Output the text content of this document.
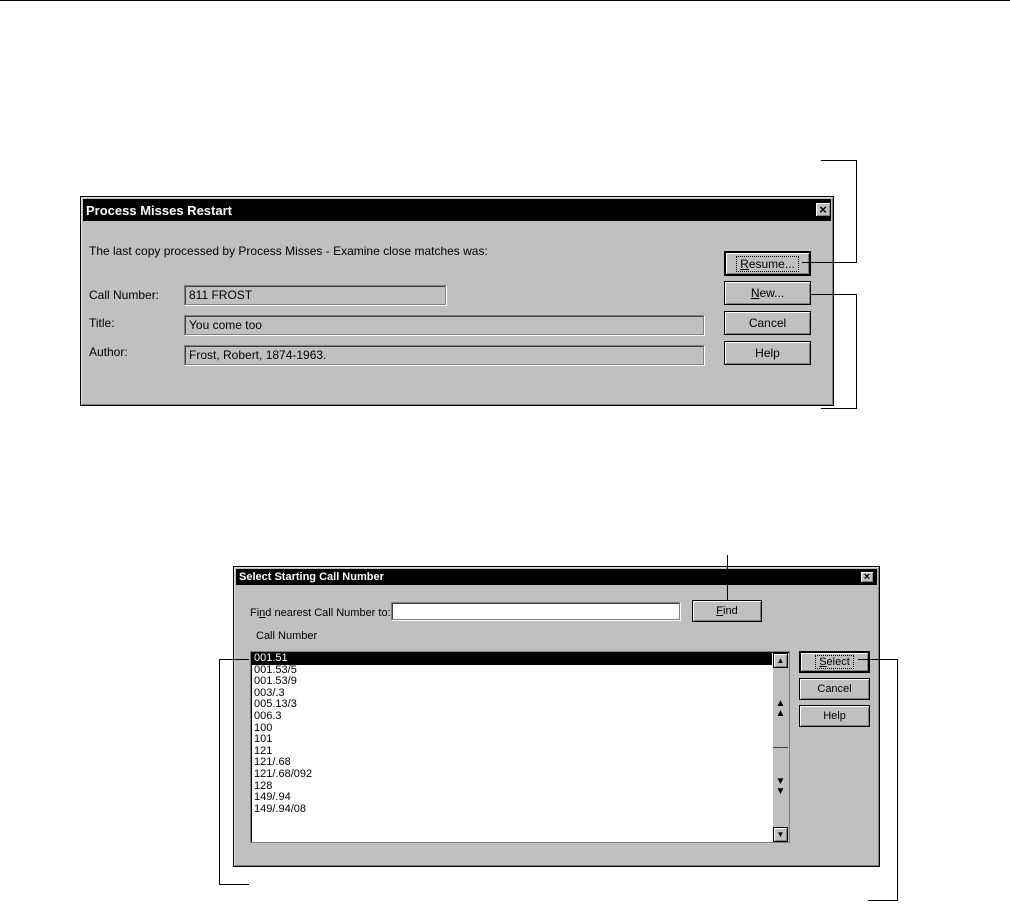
Process Misses Restart	×
The last copy processed by Process Misses - Examine close matches was:
Call Number: 811 FROST
Title:	You come too
Author:	Frost, Robert, 1874-1963.
Resume...
New...
Cancel
Help
Select Starting Call Number	×
Find nearest Call Number to:	Find
Call Number
001.51
001.53/5
001.53/9
003/.3
005.13/3
006.3
100
101
121
121/.68
121/.68/092
128
149/.94
149/.94/08
▲
▲
▲
▼
▼
▼
Select
Cancel
Help
